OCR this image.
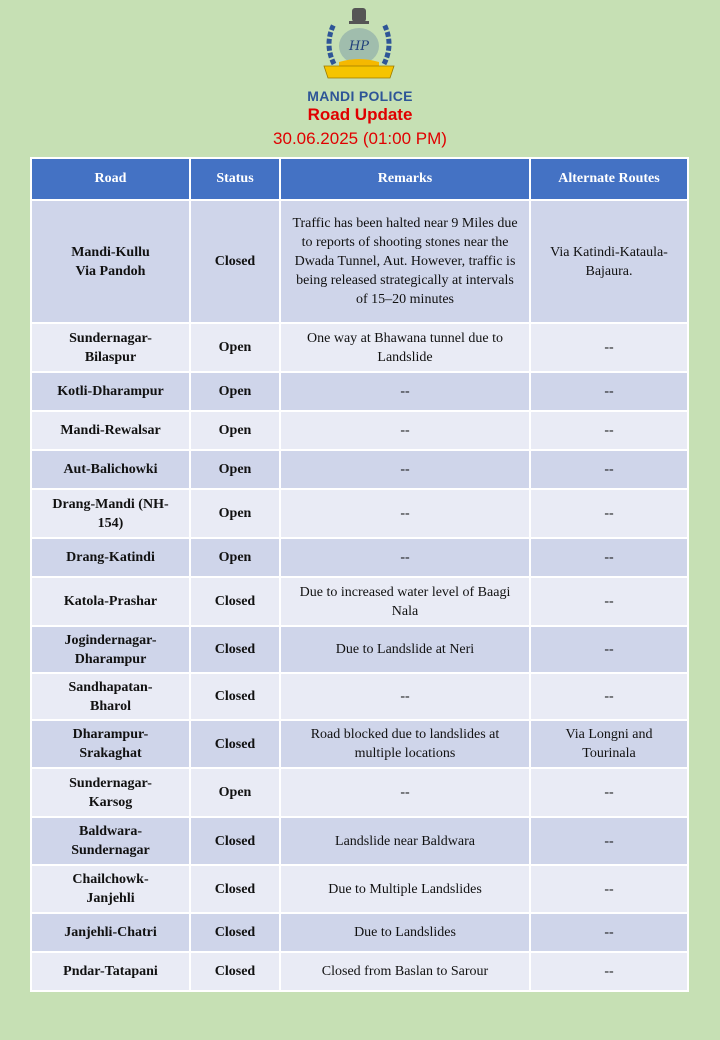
HP
MANDI POLICE
Road Update
30.06.2025 (01:00 PM)
Road	Status	Remarks	Alternate Routes
Mandi-Kullu
Via Pandoh	Closed	Traffic has been halted near 9 Miles due to reports of shooting stones near the Dwada Tunnel, Aut. However, traffic is being released strategically at intervals of 15–20 minutes	Via Katindi-Kataula-Bajaura.
Sundernagar-
Bilaspur	Open	One way at Bhawana tunnel due to Landslide	--
Kotli-Dharampur	Open	--	--
Mandi-Rewalsar	Open	--	--
Aut-Balichowki	Open	--	--
Drang-Mandi (NH-
154)	Open	--	--
Drang-Katindi	Open	--	--
Katola-Prashar	Closed	Due to increased water level of Baagi Nala	--
Jogindernagar-
Dharampur	Closed	Due to Landslide at Neri	--
Sandhapatan-
Bharol	Closed	--	--
Dharampur-
Srakaghat	Closed	Road blocked due to landslides at multiple locations	Via Longni and Tourinala
Sundernagar-
Karsog	Open	--	--
Baldwara-
Sundernagar	Closed	Landslide near Baldwara	--
Chailchowk-
Janjehli	Closed	Due to Multiple Landslides	--
Janjehli-Chatri	Closed	Due to Landslides	--
Pndar-Tatapani	Closed	Closed from Baslan to Sarour	--
